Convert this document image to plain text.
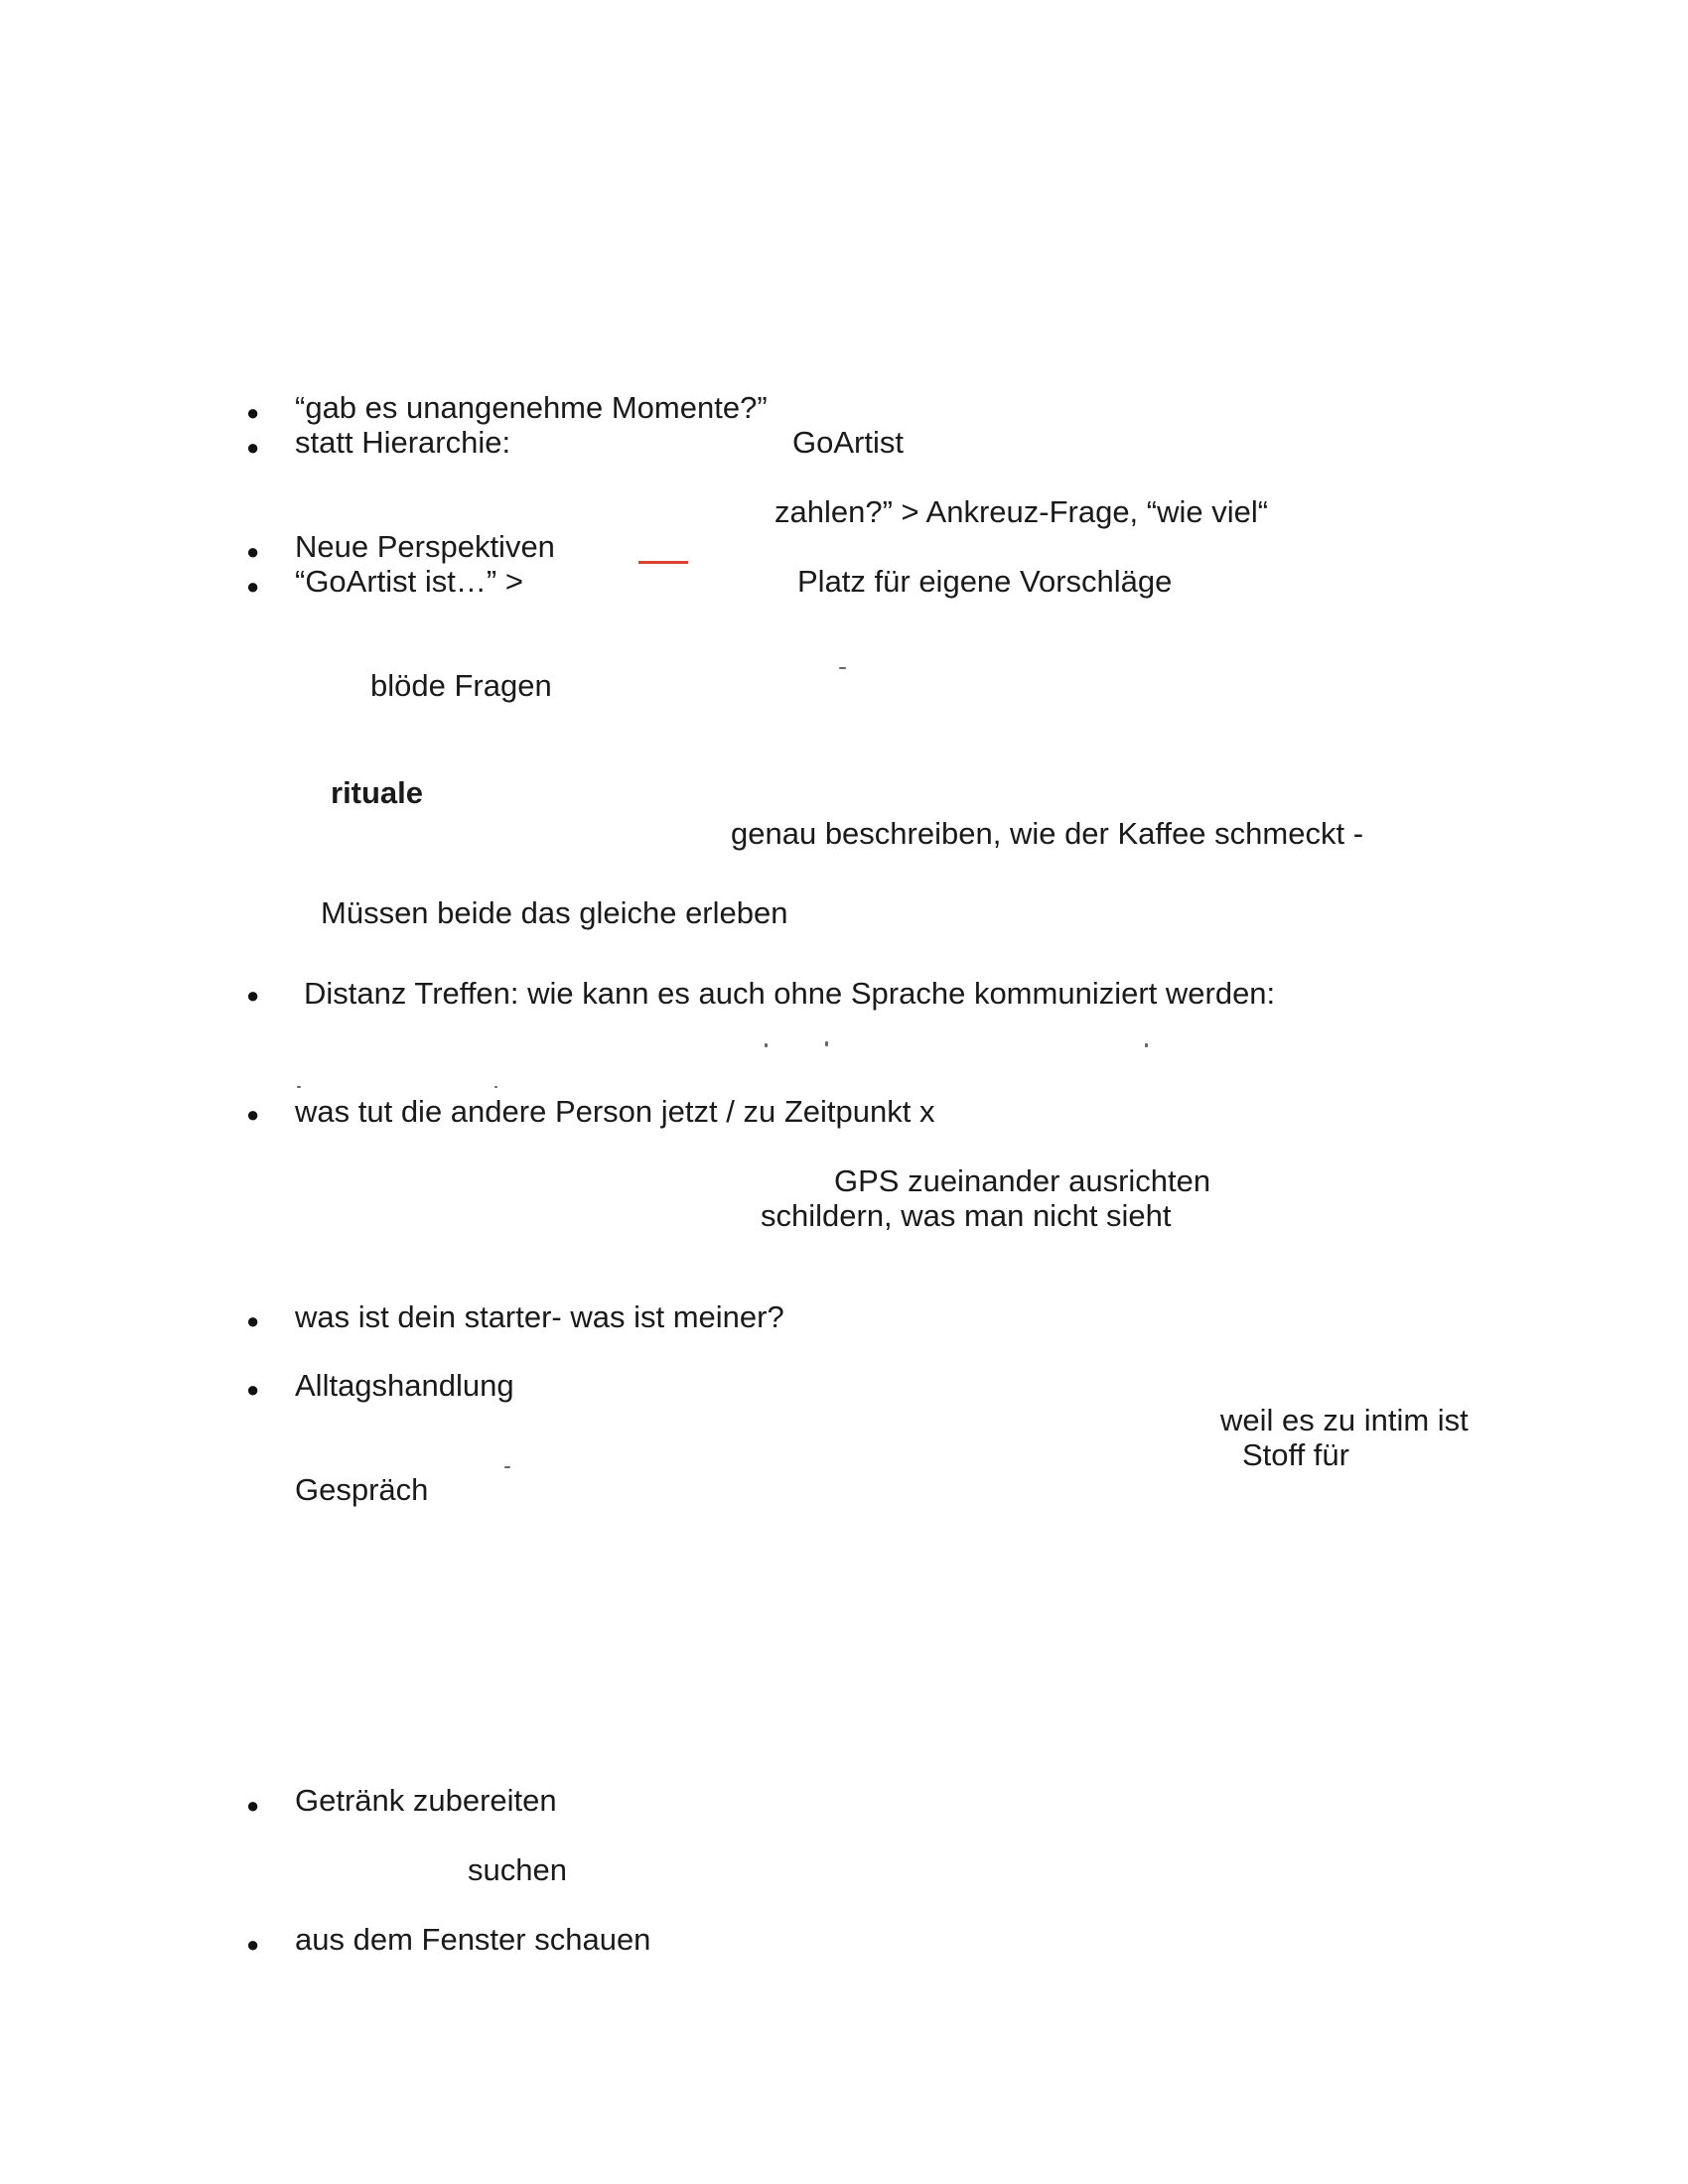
●
●
●
●
●
●
●
●
●
●
“gab es unangenehme Momente?”
statt Hierarchie:	GoArtist
zahlen?” > Ankreuz-Frage, “wie viel“
Neue Perspektiven
“GoArtist ist…” >	Platz für eigene Vorschläge
blöde Fragen
rituale
genau beschreiben, wie der Kaffee schmeckt -
Müssen beide das gleiche erleben
Distanz Treffen: wie kann es auch ohne Sprache kommuniziert werden:
was tut die andere Person jetzt / zu Zeitpunkt x
GPS zueinander ausrichten
schildern, was man nicht sieht
was ist dein starter- was ist meiner?
Alltagshandlung
weil es zu intim ist
Stoff für
Gespräch
Getränk zubereiten
suchen
aus dem Fenster schauen
